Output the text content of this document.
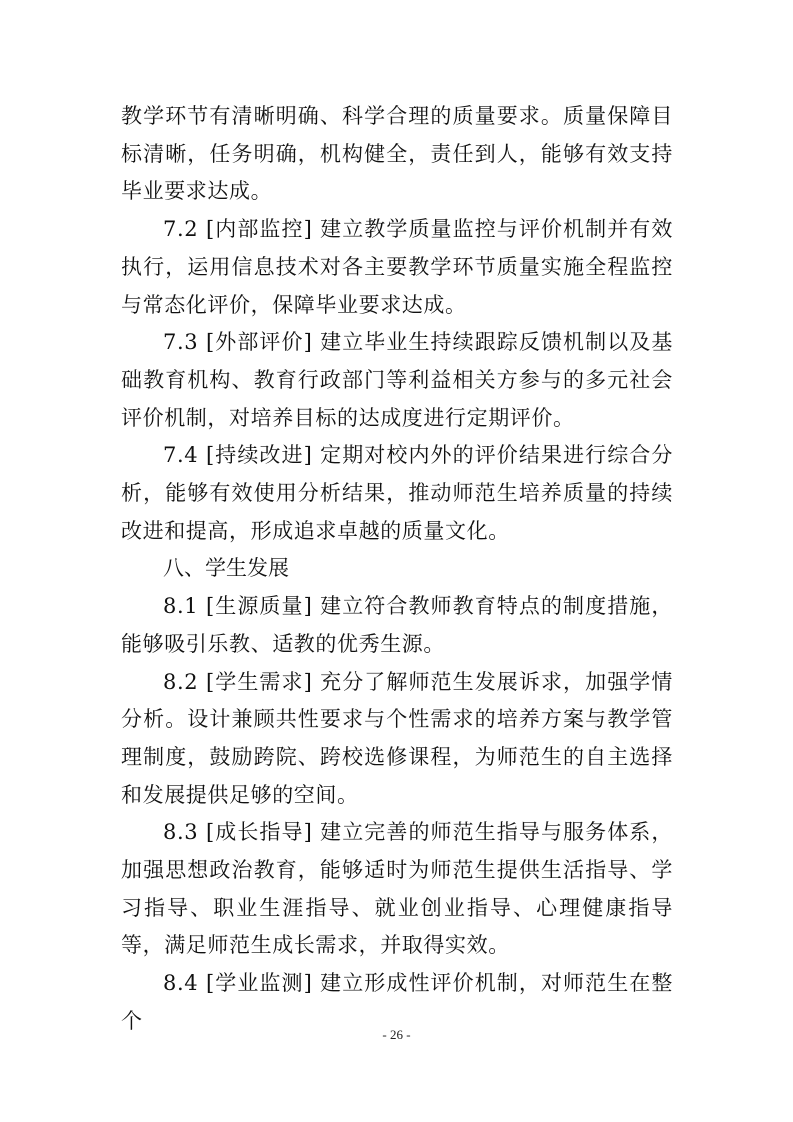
教学环节有清晰明确、科学合理的质量要求。质量保障目标清晰，任务明确，机构健全，责任到人，能够有效支持毕业要求达成。

7.2 [内部监控] 建立教学质量监控与评价机制并有效执行，运用信息技术对各主要教学环节质量实施全程监控与常态化评价，保障毕业要求达成。

7.3 [外部评价] 建立毕业生持续跟踪反馈机制以及基础教育机构、教育行政部门等利益相关方参与的多元社会评价机制，对培养目标的达成度进行定期评价。

7.4 [持续改进] 定期对校内外的评价结果进行综合分析，能够有效使用分析结果，推动师范生培养质量的持续改进和提高，形成追求卓越的质量文化。

八、学生发展

8.1 [生源质量] 建立符合教师教育特点的制度措施，能够吸引乐教、适教的优秀生源。

8.2 [学生需求] 充分了解师范生发展诉求，加强学情分析。设计兼顾共性要求与个性需求的培养方案与教学管理制度，鼓励跨院、跨校选修课程，为师范生的自主选择和发展提供足够的空间。

8.3 [成长指导] 建立完善的师范生指导与服务体系，加强思想政治教育，能够适时为师范生提供生活指导、学习指导、职业生涯指导、就业创业指导、心理健康指导等，满足师范生成长需求，并取得实效。

8.4 [学业监测] 建立形成性评价机制，对师范生在整个

- 26 -
